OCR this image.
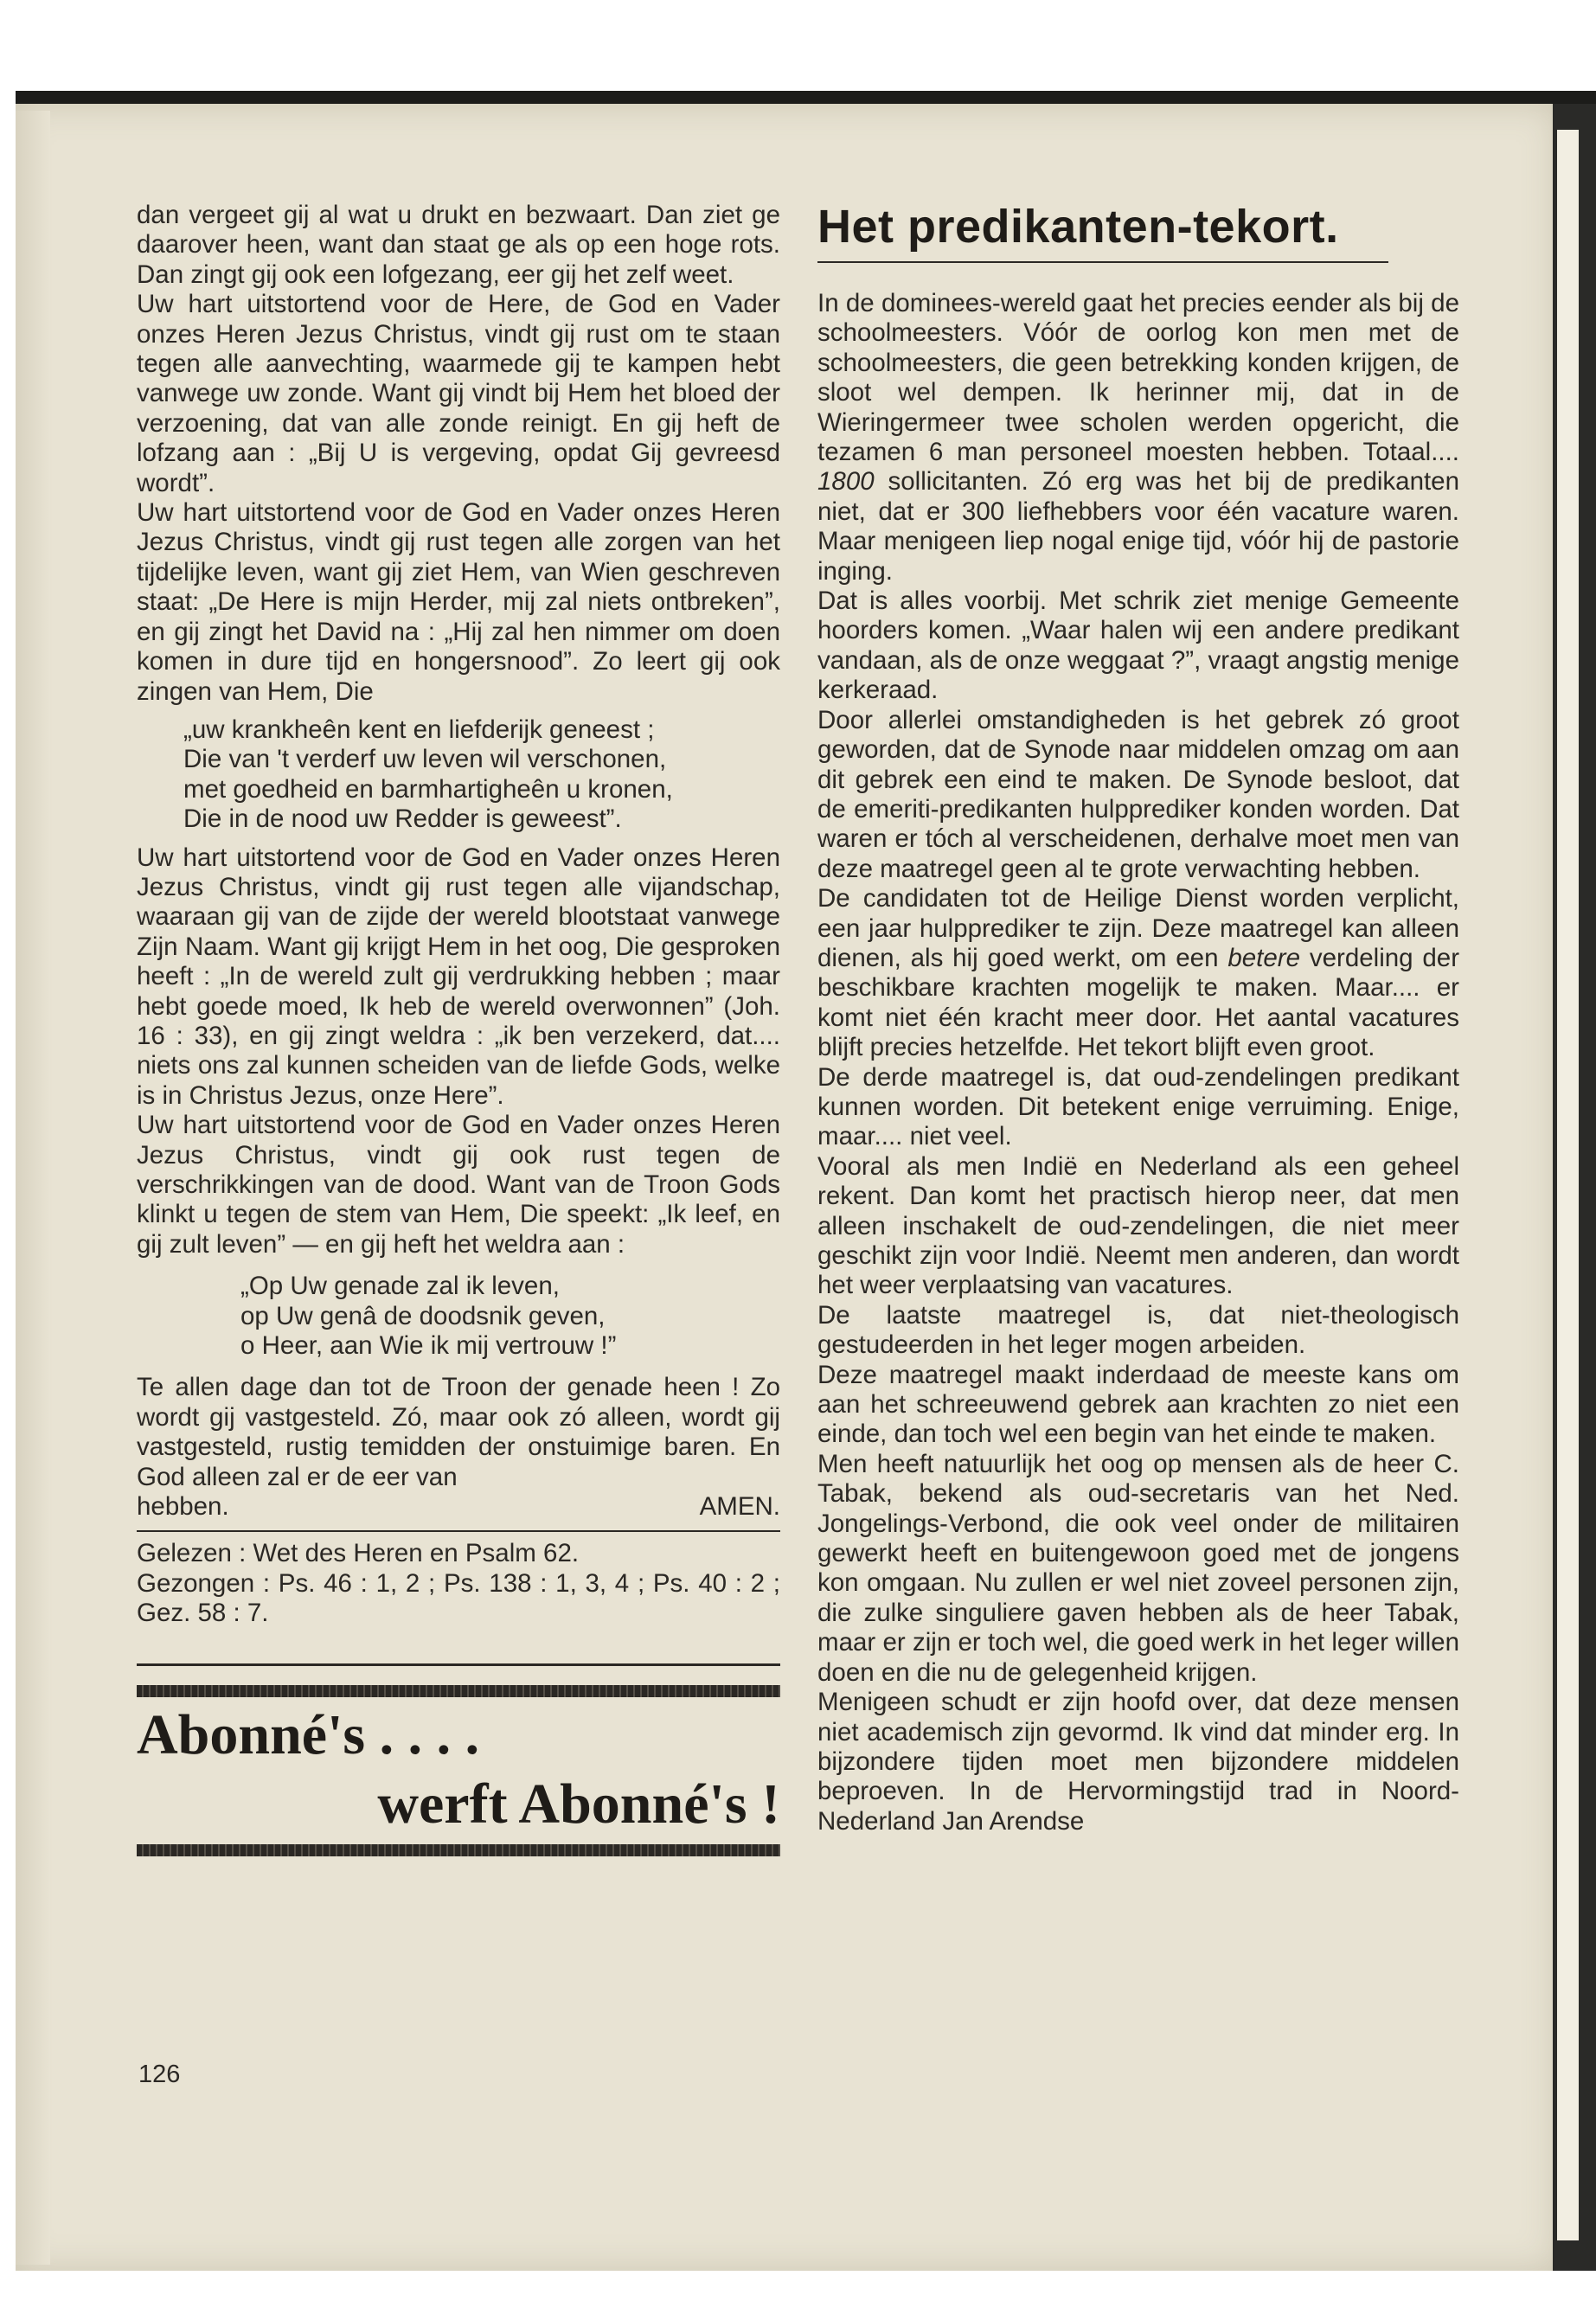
dan vergeet gij al wat u drukt en bezwaart. Dan ziet ge daarover heen, want dan staat ge als op een hoge rots. Dan zingt gij ook een lofgezang, eer gij het zelf weet.

Uw hart uitstortend voor de Here, de God en Vader onzes Heren Jezus Christus, vindt gij rust om te staan tegen alle aanvechting, waarmede gij te kampen hebt vanwege uw zonde. Want gij vindt bij Hem het bloed der verzoening, dat van alle zonde reinigt. En gij heft de lofzang aan : „Bij U is vergeving, opdat Gij gevreesd wordt”.

Uw hart uitstortend voor de God en Vader onzes Heren Jezus Christus, vindt gij rust tegen alle zorgen van het tijdelijke leven, want gij ziet Hem, van Wien geschreven staat: „De Here is mijn Herder, mij zal niets ontbreken”, en gij zingt het David na : „Hij zal hen nimmer om doen komen in dure tijd en hongersnood”. Zo leert gij ook zingen van Hem, Die

„uw krankheên kent en liefderijk geneest ;
Die van 't verderf uw leven wil verschonen,
met goedheid en barmhartigheên u kronen,
Die in de nood uw Redder is geweest”.

Uw hart uitstortend voor de God en Vader onzes Heren Jezus Christus, vindt gij rust tegen alle vijandschap, waaraan gij van de zijde der wereld blootstaat vanwege Zijn Naam. Want gij krijgt Hem in het oog, Die gesproken heeft : „In de wereld zult gij verdrukking hebben ; maar hebt goede moed, Ik heb de wereld overwonnen” (Joh. 16 : 33), en gij zingt weldra : „ik ben verzekerd, dat.... niets ons zal kunnen scheiden van de liefde Gods, welke is in Christus Jezus, onze Here”.

Uw hart uitstortend voor de God en Vader onzes Heren Jezus Christus, vindt gij ook rust tegen de verschrikkingen van de dood. Want van de Troon Gods klinkt u tegen de stem van Hem, Die speekt: „Ik leef, en gij zult leven” — en gij heft het weldra aan :

„Op Uw genade zal ik leven,
op Uw genâ de doodsnik geven,
o Heer, aan Wie ik mij vertrouw !”

Te allen dage dan tot de Troon der genade heen ! Zo wordt gij vastgesteld. Zó, maar ook zó alleen, wordt gij vastgesteld, rustig temidden der onstuimige baren. En God alleen zal er de eer van

hebben.	AMEN.

Gelezen : Wet des Heren en Psalm 62.

Gezongen : Ps. 46 : 1, 2 ; Ps. 138 : 1, 3, 4 ; Ps. 40 : 2 ; Gez. 58 : 7.

Abonné's . . . .
werft Abonné's !
126
Het predikanten-tekort.

In de dominees-wereld gaat het precies eender als bij de schoolmeesters. Vóór de oorlog kon men met de schoolmeesters, die geen betrekking konden krijgen, de sloot wel dempen. Ik herinner mij, dat in de Wieringermeer twee scholen werden opgericht, die tezamen 6 man personeel moesten hebben. Totaal.... 1800 sollicitanten. Zó erg was het bij de predikanten niet, dat er 300 liefhebbers voor één vacature waren. Maar menigeen liep nogal enige tijd, vóór hij de pastorie inging.

Dat is alles voorbij. Met schrik ziet menige Gemeente hoorders komen. „Waar halen wij een andere predikant vandaan, als de onze weggaat ?”, vraagt angstig menige kerkeraad.

Door allerlei omstandigheden is het gebrek zó groot geworden, dat de Synode naar middelen omzag om aan dit gebrek een eind te maken. De Synode besloot, dat de emeriti-predikanten hulpprediker konden worden. Dat waren er tóch al verscheidenen, derhalve moet men van deze maatregel geen al te grote verwachting hebben.

De candidaten tot de Heilige Dienst worden verplicht, een jaar hulpprediker te zijn. Deze maatregel kan alleen dienen, als hij goed werkt, om een betere verdeling der beschikbare krachten mogelijk te maken. Maar.... er komt niet één kracht meer door. Het aantal vacatures blijft precies hetzelfde. Het tekort blijft even groot.

De derde maatregel is, dat oud-zendelingen predikant kunnen worden. Dit betekent enige verruiming. Enige, maar.... niet veel.

Vooral als men Indië en Nederland als een geheel rekent. Dan komt het practisch hierop neer, dat men alleen inschakelt de oud-zendelingen, die niet meer geschikt zijn voor Indië. Neemt men anderen, dan wordt het weer verplaatsing van vacatures.

De laatste maatregel is, dat niet-theologisch gestudeerden in het leger mogen arbeiden.

Deze maatregel maakt inderdaad de meeste kans om aan het schreeuwend gebrek aan krachten zo niet een einde, dan toch wel een begin van het einde te maken.

Men heeft natuurlijk het oog op mensen als de heer C. Tabak, bekend als oud-secretaris van het Ned. Jongelings-Verbond, die ook veel onder de militairen gewerkt heeft en buitengewoon goed met de jongens kon omgaan. Nu zullen er wel niet zoveel personen zijn, die zulke singuliere gaven hebben als de heer Tabak, maar er zijn er toch wel, die goed werk in het leger willen doen en die nu de gelegenheid krijgen.

Menigeen schudt er zijn hoofd over, dat deze mensen niet academisch zijn gevormd. Ik vind dat minder erg. In bijzondere tijden moet men bijzondere middelen beproeven. In de Hervormingstijd trad in Noord-Nederland Jan Arendse
